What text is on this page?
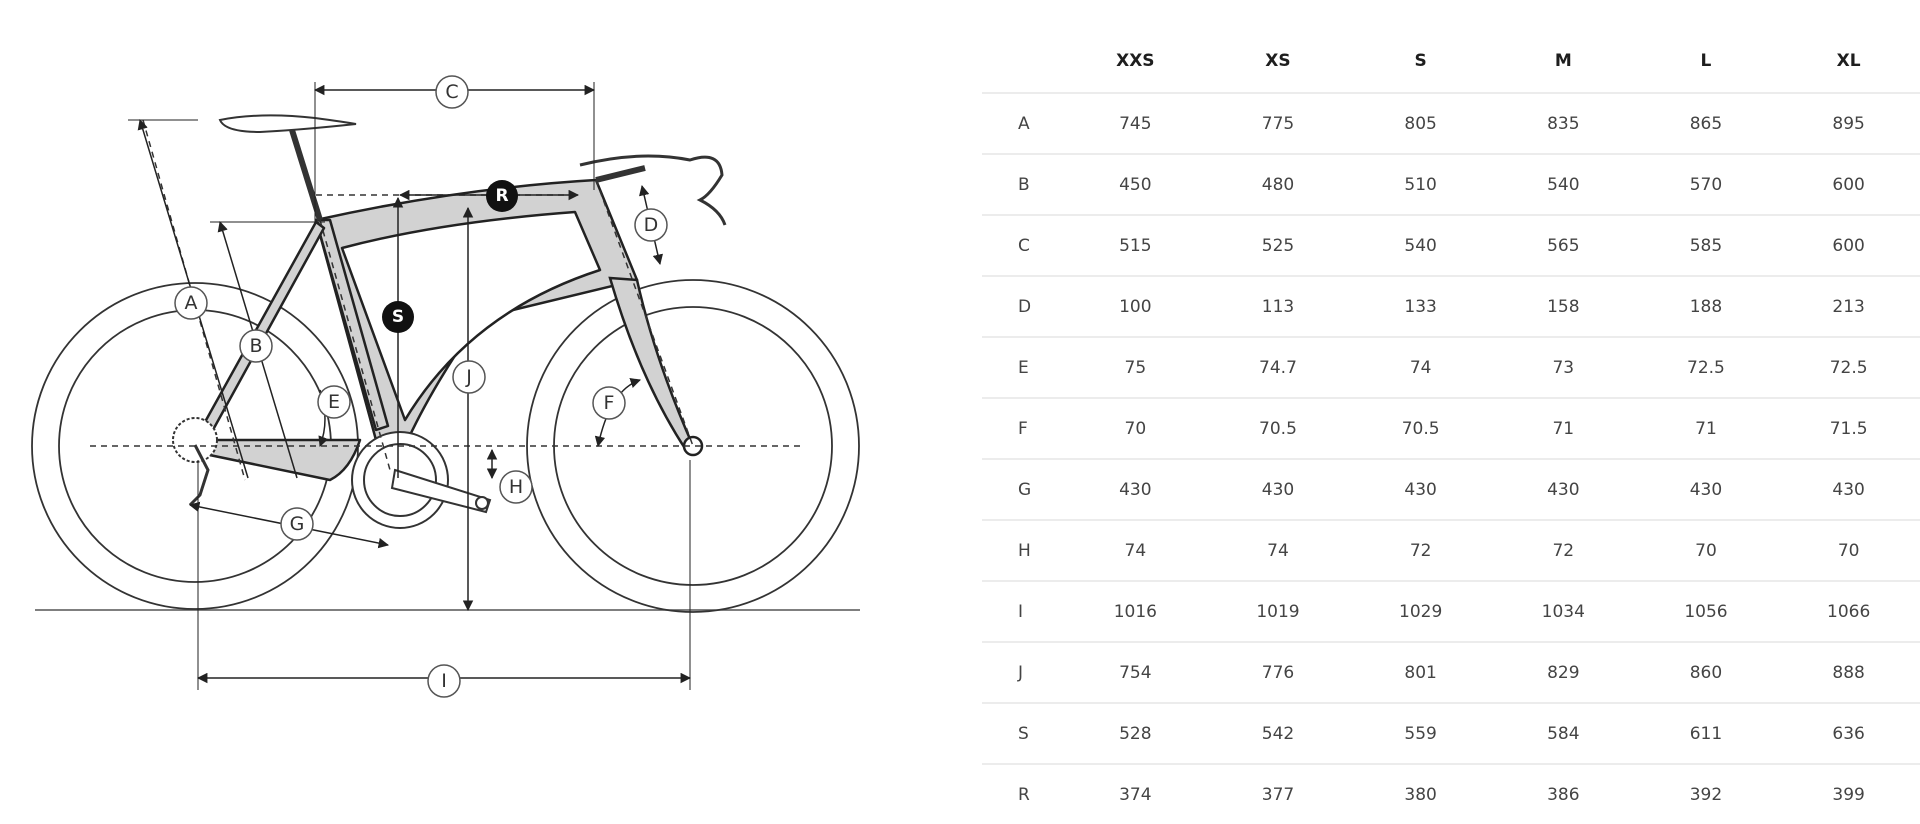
A
B
C
D
E	F
G
H
I
J
S
R
	XXS	XS	S	M	L	XL
A	745	775	805	835	865	895
B	450	480	510	540	570	600
C	515	525	540	565	585	600
D	100	113	133	158	188	213
E	75	74.7	74	73	72.5	72.5
F	70	70.5	70.5	71	71	71.5
G	430	430	430	430	430	430
H	74	74	72	72	70	70
I	1016	1019	1029	1034	1056	1066
J	754	776	801	829	860	888
S	528	542	559	584	611	636
R	374	377	380	386	392	399
